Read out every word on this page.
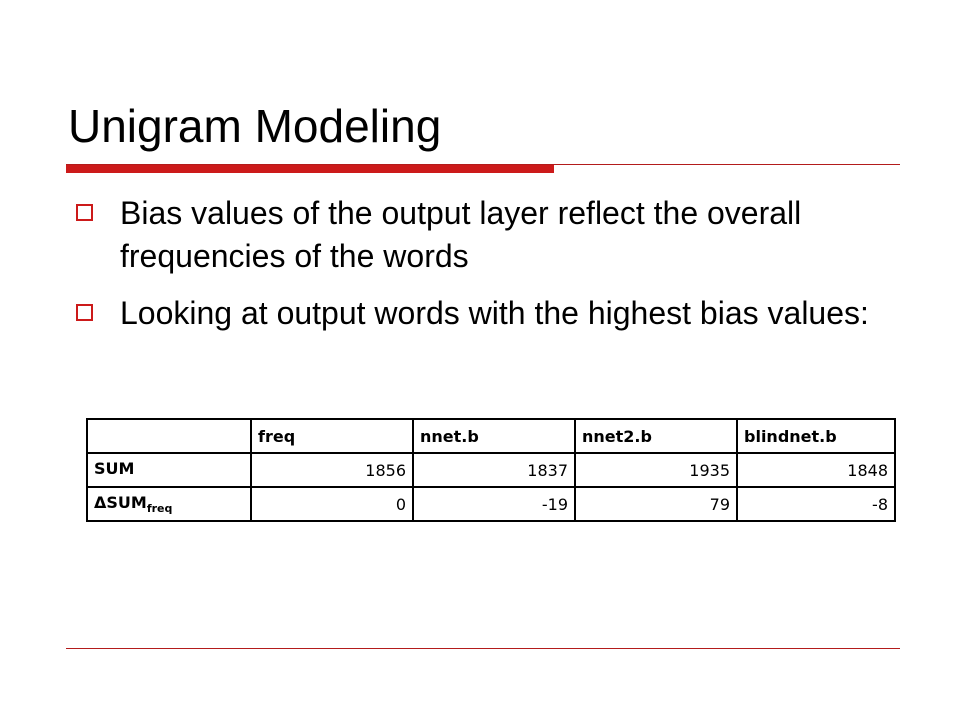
Unigram Modeling
Bias values of the output layer reflect the overall frequencies of the words
Looking at output words with the highest bias values:
	freq	nnet.b	nnet2.b	blindnet.b
SUM	1856	1837	1935	1848
$\Delta SUM_{freq}$	0	-19	79	-8
